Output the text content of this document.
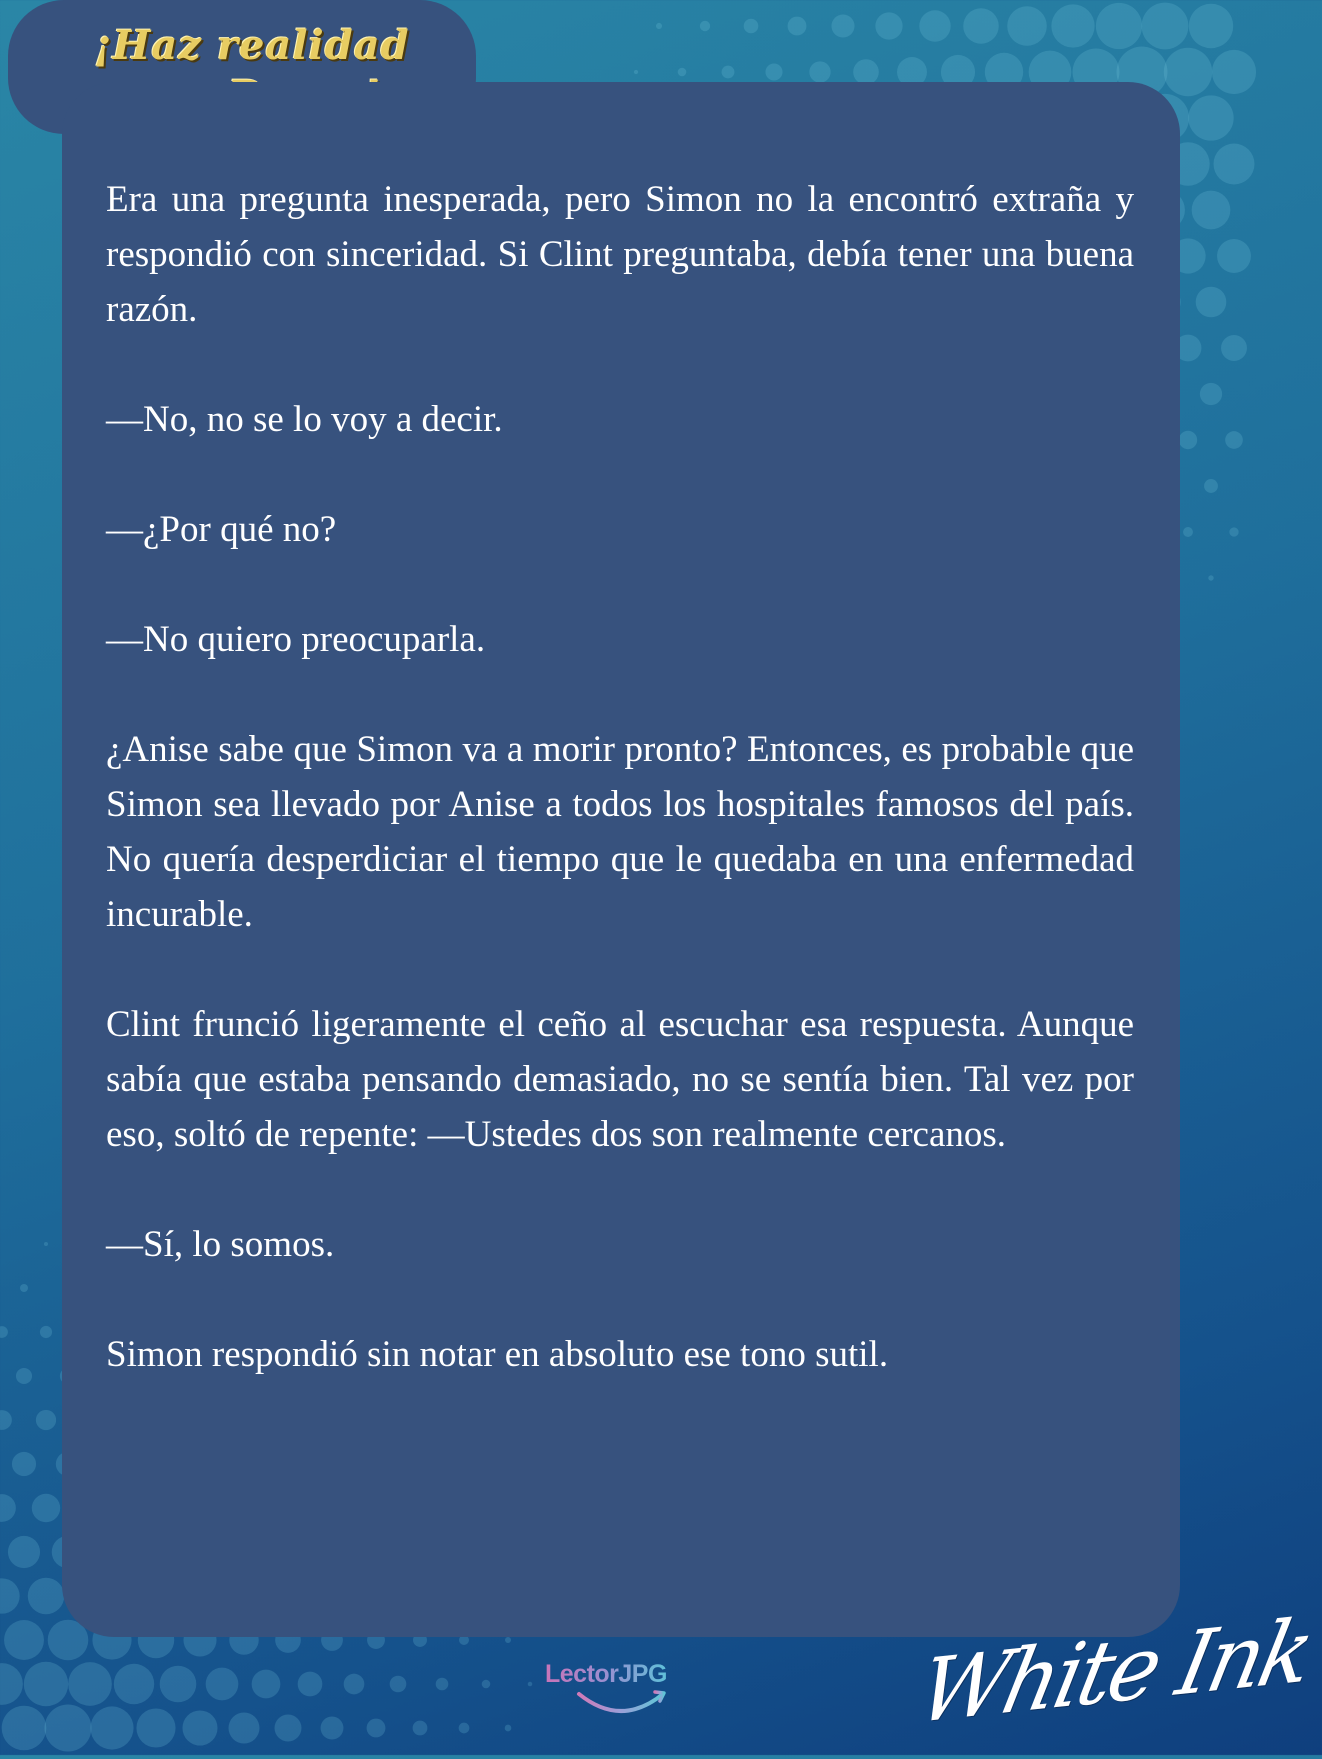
¡Haz realidad

Era una pregunta inesperada, pero Simon no la encontró extraña y respondió con sinceridad. Si Clint preguntaba, debía tener una buena razón.

—No, no se lo voy a decir.

—¿Por qué no?

—No quiero preocuparla.

¿Anise sabe que Simon va a morir pronto? Entonces, es probable que Simon sea llevado por Anise a todos los hospitales famosos del país. No quería desperdiciar el tiempo que le quedaba en una enfermedad incurable.

Clint frunció ligeramente el ceño al escuchar esa respuesta. Aunque sabía que estaba pensando demasiado, no se sentía bien. Tal vez por eso, soltó de repente: —Ustedes dos son realmente cercanos.

—Sí, lo somos.

Simon respondió sin notar en absoluto ese tono sutil.

LectorJPG	White Ink
